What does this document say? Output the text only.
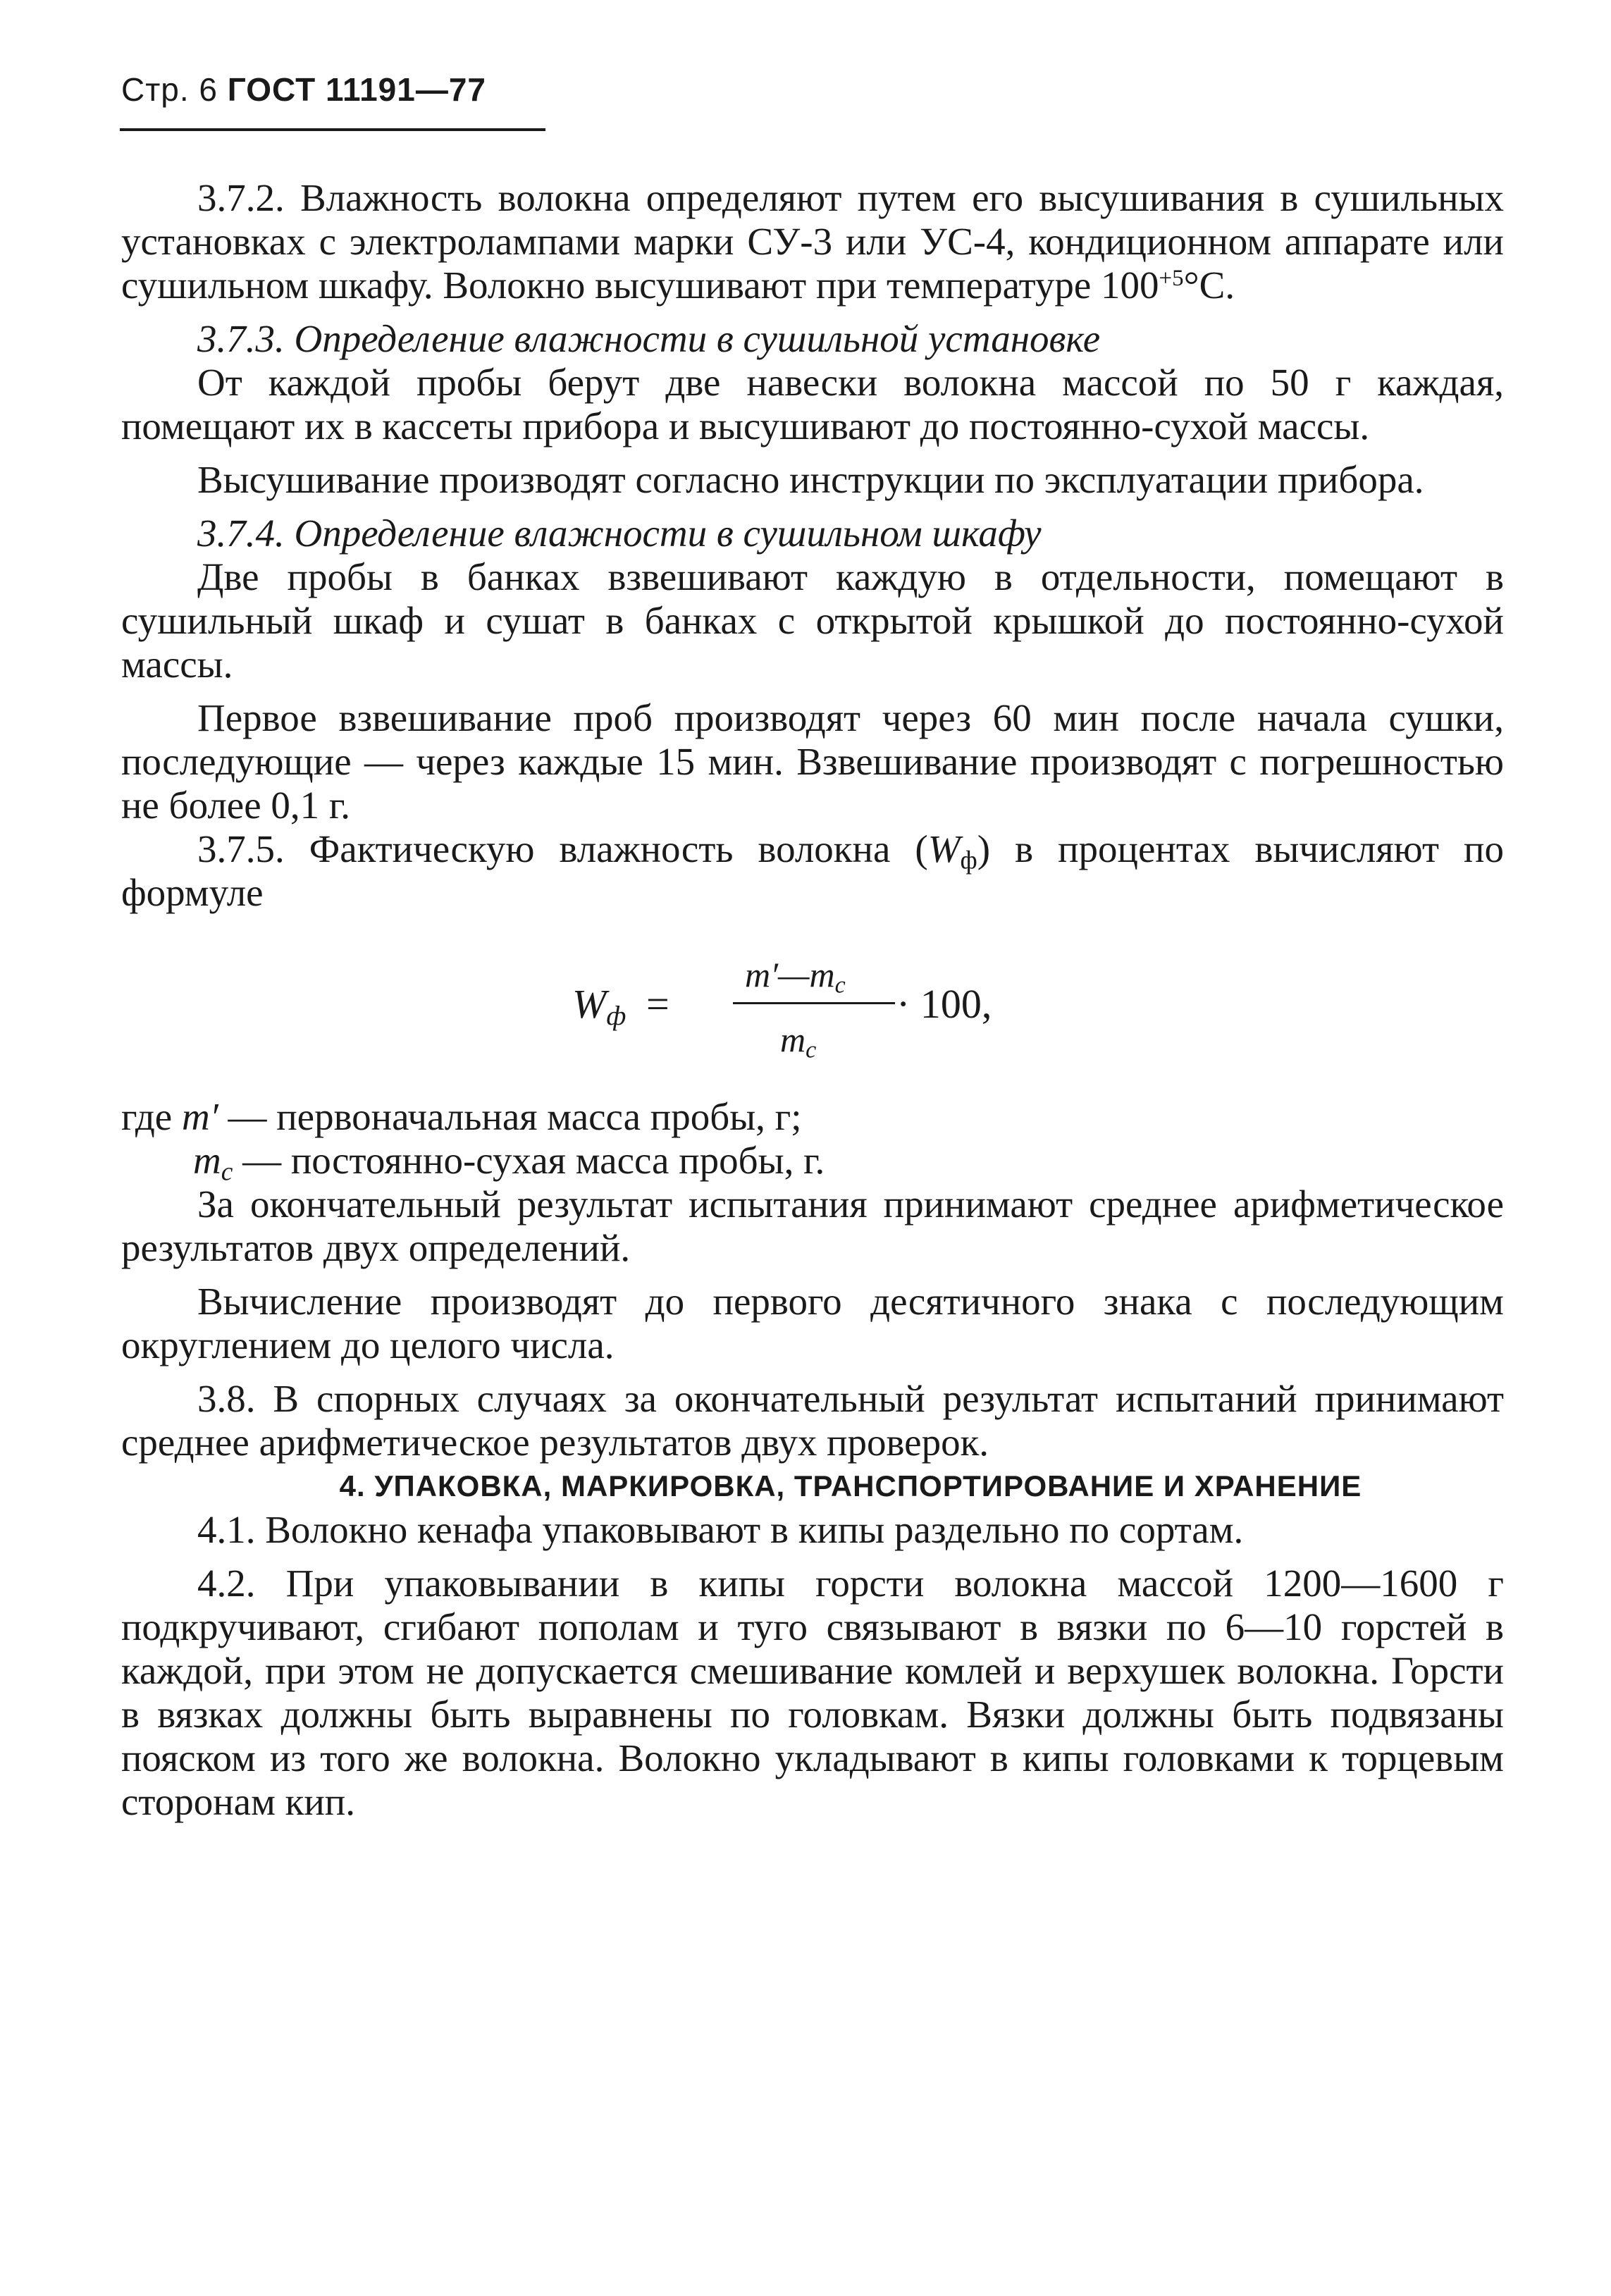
Стр. 6 ГОСТ 11191—77

3.7.2. Влажность волокна определяют путем его высушивания в сушильных установках с электролампами марки СУ-3 или УС-4, кондиционном аппарате или сушильном шкафу. Волокно высушивают при температуре $100^{+5}^\circ С$.

3.7.3. Определение влажности в сушильной установке

От каждой пробы берут две навески волокна массой по 50 г каждая, помещают их в кассеты прибора и высушивают до постоянно-сухой массы.

Высушивание производят согласно инструкции по эксплуатации прибора.

3.7.4. Определение влажности в сушильном шкафу

Две пробы в банках взвешивают каждую в отдельности, помещают в сушильный шкаф и сушат в банках с открытой крышкой до постоянно-сухой массы.

Первое взвешивание проб производят через 60 мин после начала сушки, последующие — через каждые 15 мин. Взвешивание производят с погрешностью не более 0,1 г.

3.7.5. Фактическую влажность волокна $(W_ф)$ в процентах вычисляют по формуле

$W_ф$ =
$m'—m_с$
$m_с$
· 100,

где m′ — первоначальная масса пробы, г;

$m_с$ — постоянно-сухая масса пробы, г.

За окончательный результат испытания принимают среднее арифметическое результатов двух определений.

Вычисление производят до первого десятичного знака с последующим округлением до целого числа.

3.8. В спорных случаях за окончательный результат испытаний принимают среднее арифметическое результатов двух проверок.

4. УПАКОВКА, МАРКИРОВКА, ТРАНСПОРТИРОВАНИЕ И ХРАНЕНИЕ

4.1. Волокно кенафа упаковывают в кипы раздельно по сортам.

4.2. При упаковывании в кипы горсти волокна массой 1200—1600 г подкручивают, сгибают пополам и туго связывают в вязки по 6—10 горстей в каждой, при этом не допускается смешивание комлей и верхушек волокна. Горсти в вязках должны быть выравнены по головкам. Вязки должны быть подвязаны пояском из того же волокна. Волокно укладывают в кипы головками к торцевым сторонам кип.
